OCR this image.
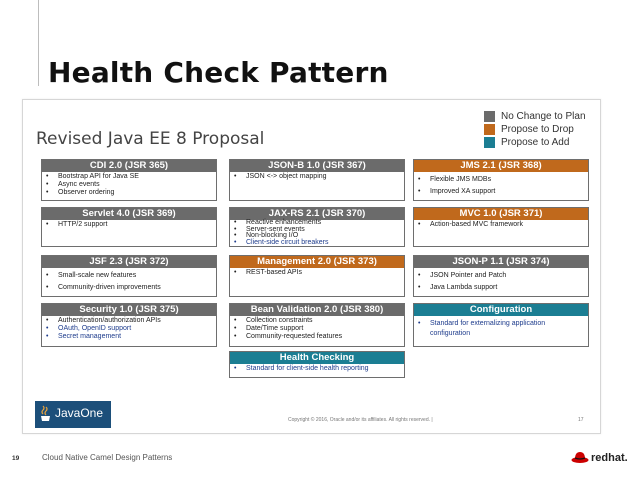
Health Check Pattern
Revised Java EE 8 Proposal
No Change to Plan
Propose to Drop
Propose to Add
CDI 2.0 (JSR 365)
•	Bootstrap API for Java SE
•	Async events
•	Observer ordering
JSON-B 1.0 (JSR 367)
•	JSON <-> object mapping
JMS 2.1 (JSR 368)
•	Flexible JMS MDBs
•	Improved XA support
Servlet 4.0 (JSR 369)
•	HTTP/2 support
JAX-RS 2.1 (JSR 370)
•	Reactive enhancements
•	Server-sent events
•	Non-blocking I/O
•	Client-side circuit breakers
MVC 1.0 (JSR 371)
•	Action-based MVC framework
JSF 2.3 (JSR 372)
•	Small-scale new features
•	Community-driven improvements
Management 2.0 (JSR 373)
•	REST-based APIs
JSON-P 1.1 (JSR 374)
•	JSON Pointer and Patch
•	Java Lambda support
Security 1.0 (JSR 375)
•	Authentication/authorization APIs
•	OAuth, OpenID support
•	Secret management
Bean Validation 2.0 (JSR 380)
•	Collection constraints
•	Date/Time support
•	Community-requested features
Configuration
•	Standard for externalizing application configuration
Health Checking
•	Standard for client-side health reporting
JavaOne	Copyright © 2016, Oracle and/or its affiliates. All rights reserved. |	17
19	Cloud Native Camel Design Patterns	redhat.
